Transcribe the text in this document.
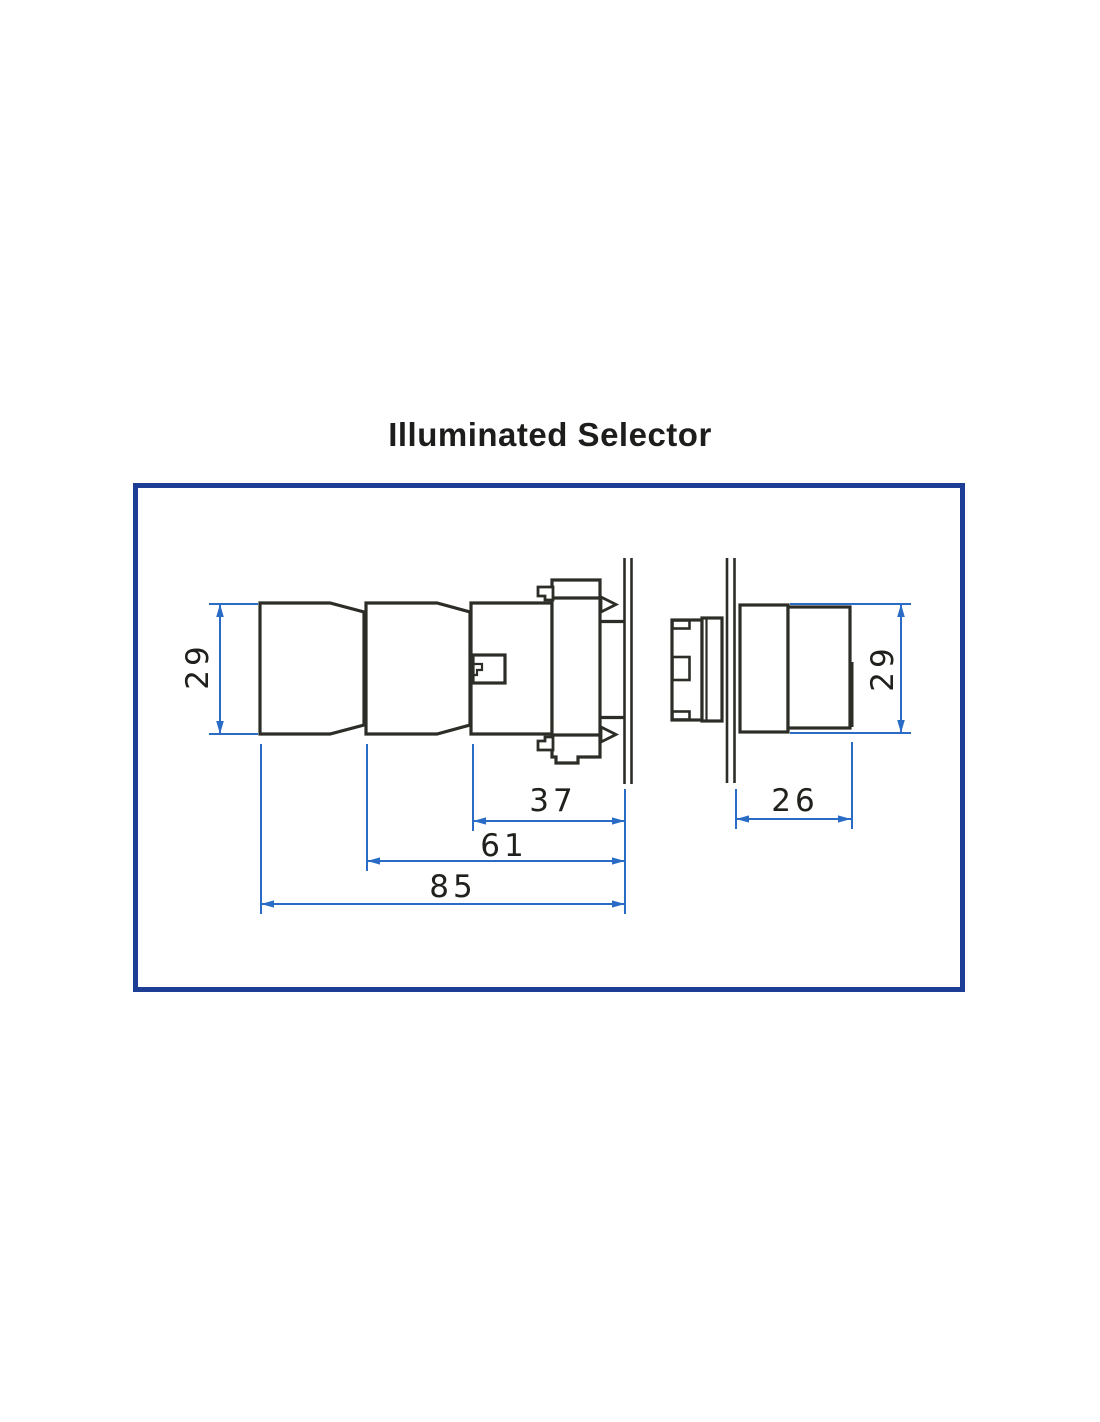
Illuminated Selector
29	29
37
61
85
26
